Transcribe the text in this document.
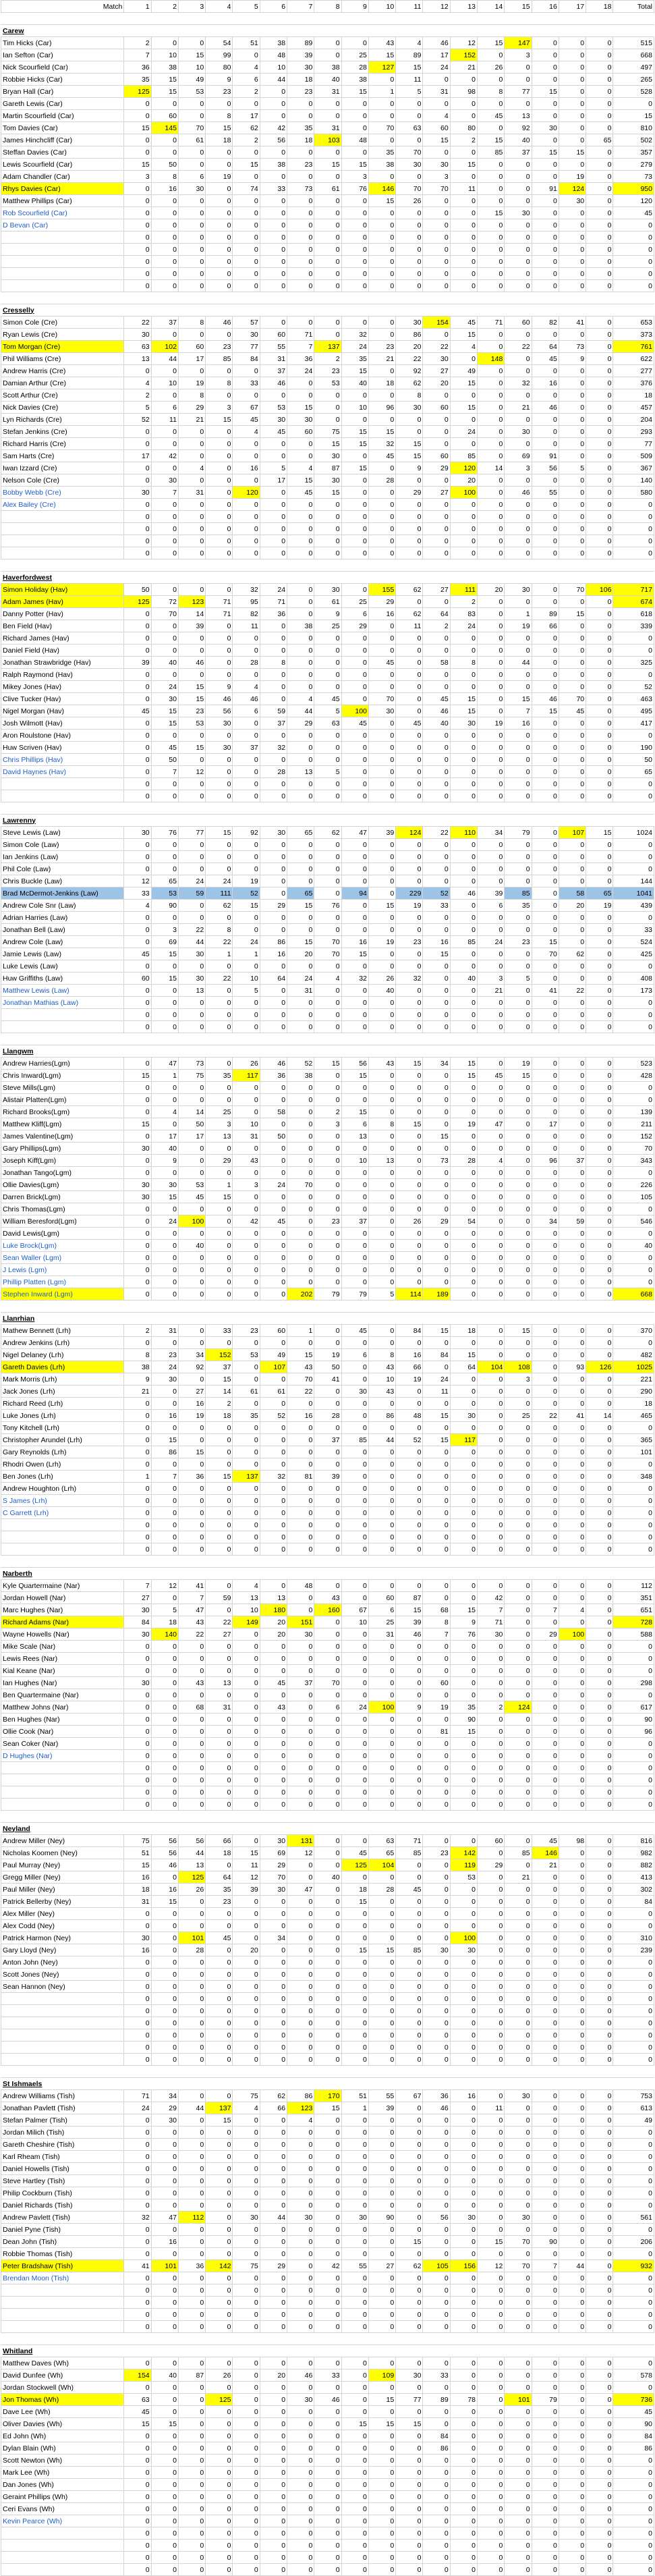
Match	1	2	3	4	5	6	7	8	9	10	11	12	13	14	15	16	17	18	Total

Carew																			
Tim Hicks (Car)	2	0	0	54	51	38	89	0	0	43	4	46	12	15	147	0	0	0	515
Ian Sefton (Car)	7	10	15	99	0	48	39	0	25	15	89	17	152	0	3	0	0	0	668
Nick Scourfield (Car)	36	38	10	80	4	10	30	38	28	127	15	24	21	26	0	0	0	0	497
Robbie Hicks (Car)	35	15	49	9	6	44	18	40	38	0	11	0	0	0	0	0	0	0	265
Bryan Hall (Car)	125	15	53	23	2	0	23	31	15	1	5	31	98	8	77	15	0	0	528
Gareth Lewis (Car)	0	0	0	0	0	0	0	0	0	0	0	0	0	0	0	0	0	0	0
Martin Scourfield (Car)	0	60	0	8	17	0	0	0	0	0	0	4	0	45	13	0	0	0	15
Tom Davies (Car)	15	145	70	15	62	42	35	31	0	70	63	60	80	0	92	30	0	0	810
James Hinchcliff (Car)	0	0	61	18	2	56	18	103	48	0	0	15	2	15	40	0	0	65	502
Steffan Davies (Car)	0	0	0	0	0	0	0	0	0	35	70	0	0	85	37	15	15	0	357
Lewis Scourfield (Car)	15	50	0	0	15	38	23	15	15	38	30	30	15	0	0	0	0	0	279
Adam Chandler (Car)	3	8	6	19	0	0	0	0	3	0	0	3	0	0	0	0	19	0	73
Rhys Davies (Car)	0	16	30	0	74	33	73	61	76	146	70	70	11	0	0	91	124	0	950
Matthew Phillips (Car)	0	0	0	0	0	0	0	0	0	15	26	0	0	0	0	0	30	0	120
Rob Scourfield (Car)	0	0	0	0	0	0	0	0	0	0	0	0	0	15	30	0	0	0	45
D Bevan (Car)	0	0	0	0	0	0	0	0	0	0	0	0	0	0	0	0	0	0	0
	0	0	0	0	0	0	0	0	0	0	0	0	0	0	0	0	0	0	0
	0	0	0	0	0	0	0	0	0	0	0	0	0	0	0	0	0	0	0
	0	0	0	0	0	0	0	0	0	0	0	0	0	0	0	0	0	0	0
	0	0	0	0	0	0	0	0	0	0	0	0	0	0	0	0	0	0	0
	0	0	0	0	0	0	0	0	0	0	0	0	0	0	0	0	0	0	0

Cresselly																			
Simon Cole (Cre)	22	37	8	46	57	0	0	0	0	0	30	154	45	71	60	82	41	0	653
Ryan Lewis (Cre)	30	0	0	0	30	60	71	0	32	0	86	0	15	0	0	0	0	0	373
Tom Morgan (Cre)	63	102	60	23	77	55	7	137	24	23	20	22	4	0	22	64	73	0	761
Phil Williams (Cre)	13	44	17	85	84	31	36	2	35	21	22	30	0	148	0	45	9	0	622
Andrew Harris (Cre)	0	0	0	0	0	37	24	23	15	0	92	27	49	0	0	0	0	0	277
Damian Arthur (Cre)	4	10	19	8	33	46	0	53	40	18	62	20	15	0	32	16	0	0	376
Scott Arthur (Cre)	2	0	8	0	0	0	0	0	0	0	8	0	0	0	0	0	0	0	18
Nick Davies (Cre)	5	6	29	3	67	53	15	0	10	96	30	60	15	0	21	46	0	0	457
Lyn Richards (Cre)	52	11	21	15	45	30	30	0	0	0	0	0	0	0	0	0	0	0	204
Stefan Jenkins (Cre)	0	0	0	0	4	45	60	75	15	15	0	0	24	0	30	0	0	0	293
Richard Harris (Cre)	0	0	0	0	0	0	0	15	15	32	15	0	0	0	0	0	0	0	77
Sam Harts (Cre)	17	42	0	0	0	0	0	30	0	45	15	60	85	0	69	91	0	0	509
Iwan Izzard (Cre)	0	0	4	0	16	5	4	87	15	0	9	29	120	14	3	56	5	0	367
Nelson Cole (Cre)	0	30	0	0	0	17	15	30	0	28	0	0	20	0	0	0	0	0	140
Bobby Webb (Cre)	30	7	31	0	120	0	45	15	0	0	29	27	100	0	46	55	0	0	580
Alex Bailey (Cre)	0	0	0	0	0	0	0	0	0	0	0	0	0	0	0	0	0	0	0
	0	0	0	0	0	0	0	0	0	0	0	0	0	0	0	0	0	0	0
	0	0	0	0	0	0	0	0	0	0	0	0	0	0	0	0	0	0	0
	0	0	0	0	0	0	0	0	0	0	0	0	0	0	0	0	0	0	0
	0	0	0	0	0	0	0	0	0	0	0	0	0	0	0	0	0	0	0

Haverfordwest																			
Simon Holiday (Hav)	50	0	0	0	32	24	0	30	0	155	62	27	111	20	30	0	70	106	717
Adam James (Hav)	125	72	123	71	95	71	0	61	25	29	0	0	2	0	0	0	0	0	674
Danny Potter (Hav)	0	70	14	71	82	36	0	9	6	16	62	64	83	0	1	89	15	0	618
Ben Field (Hav)	0	0	39	0	11	0	38	25	29	0	11	2	24	0	19	66	0	0	339
Richard James (Hav)	0	0	0	0	0	0	0	0	0	0	0	0	0	0	0	0	0	0	0
Daniel Field (Hav)	0	0	0	0	0	0	0	0	0	0	0	0	0	0	0	0	0	0	0
Jonathan Strawbridge (Hav)	39	40	46	0	28	8	0	0	0	45	0	58	8	0	44	0	0	0	325
Ralph Raymond (Hav)	0	0	0	0	0	0	0	0	0	0	0	0	0	0	0	0	0	0	0
Mikey Jones (Hav)	0	24	15	9	4	0	0	0	0	0	0	0	0	0	0	0	0	0	52
Clive Tucker (Hav)	0	30	15	46	46	0	4	45	0	70	0	45	15	0	15	46	70	0	463
Nigel Morgan (Hav)	45	15	23	56	6	59	44	5	100	30	0	46	15	0	7	15	45	0	495
Josh Wilmott (Hav)	0	15	53	30	0	37	29	63	45	0	45	40	30	19	16	0	0	0	417
Aron Roulstone (Hav)	0	0	0	0	0	0	0	0	0	0	0	0	0	0	0	0	0	0	0
Huw Scriven (Hav)	0	45	15	30	37	32	0	0	0	0	0	0	0	0	0	0	0	0	190
Chris Phillips (Hav)	0	50	0	0	0	0	0	0	0	0	0	0	0	0	0	0	0	0	50
David Haynes (Hav)	0	7	12	0	0	28	13	5	0	0	0	0	0	0	0	0	0	0	65
	0	0	0	0	0	0	0	0	0	0	0	0	0	0	0	0	0	0	0
	0	0	0	0	0	0	0	0	0	0	0	0	0	0	0	0	0	0	0

Lawrenny																			
Steve Lewis (Law)	30	76	77	15	92	30	65	62	47	39	124	22	110	34	79	0	107	15	1024
Simon Cole (Law)	0	0	0	0	0	0	0	0	0	0	0	0	0	0	0	0	0	0	0
Ian Jenkins (Law)	0	0	0	0	0	0	0	0	0	0	0	0	0	0	0	0	0	0	0
Phil Cole (Law)	0	0	0	0	0	0	0	0	0	0	0	0	0	0	0	0	0	0	0
Chris Buckle (Law)	12	65	24	24	19	0	0	0	0	0	0	0	0	0	0	0	0	0	144
Brad McDermot-Jenkins (Law)	33	53	59	111	52	0	65	0	94	0	229	52	46	39	85	0	58	65	1041
Andrew Cole Snr (Law)	4	90	0	62	15	29	15	76	0	15	19	33	0	6	35	0	20	19	439
Adrian Harries (Law)	0	0	0	0	0	0	0	0	0	0	0	0	0	0	0	0	0	0	0
Jonathan Bell (Law)	0	3	22	8	0	0	0	0	0	0	0	0	0	0	0	0	0	0	33
Andrew Cole (Law)	0	69	44	22	24	86	15	70	16	19	23	16	85	24	23	15	0	0	524
Jamie Lewis (Law)	45	15	30	1	1	16	20	70	15	0	0	15	0	0	0	70	62	0	425
Luke Lewis (Law)	0	0	0	0	0	0	0	0	0	0	0	0	0	0	0	0	0	0	0
Huw Griffiths (Law)	60	15	30	22	10	64	24	4	32	26	32	0	40	3	5	0	0	0	408
Matthew Lewis (Law)	0	0	13	0	5	0	31	0	0	40	0	0	0	21	0	41	22	0	173
Jonathan Mathias (Law)	0	0	0	0	0	0	0	0	0	0	0	0	0	0	0	0	0	0	0
	0	0	0	0	0	0	0	0	0	0	0	0	0	0	0	0	0	0	0
	0	0	0	0	0	0	0	0	0	0	0	0	0	0	0	0	0	0	0

Llangwm																			
Andrew Harries(Lgm)	0	47	73	0	26	46	52	15	56	43	15	34	15	0	19	0	0	0	523
Chris Inward(Lgm)	15	1	75	35	117	36	38	0	15	0	0	0	15	45	15	0	0	0	428
Steve Mills(Lgm)	0	0	0	0	0	0	0	0	0	0	0	0	0	0	0	0	0	0	0
Alistair Platten(Lgm)	0	0	0	0	0	0	0	0	0	0	0	0	0	0	0	0	0	0	0
Richard Brooks(Lgm)	0	4	14	25	0	58	0	2	15	0	0	0	0	0	0	0	0	0	139
Matthew Kliff(Lgm)	15	0	50	3	10	0	0	3	6	8	15	0	19	47	0	17	0	0	211
James Valentine(Lgm)	0	17	17	13	31	50	0	0	13	0	0	15	0	0	0	0	0	0	152
Gary Phillips(Lgm)	30	40	0	0	0	0	0	0	0	0	0	0	0	0	0	0	0	0	70
Joseph Kiff(Lgm)	0	9	0	29	43	0	0	0	10	13	0	73	28	4	0	96	37	0	343
Jonathan Tango(Lgm)	0	0	0	0	0	0	0	0	0	0	0	0	0	0	0	0	0	0	0
Ollie Davies(Lgm)	30	30	53	1	3	24	70	0	0	0	0	0	0	0	0	0	0	0	226
Darren Brick(Lgm)	30	15	45	15	0	0	0	0	0	0	0	0	0	0	0	0	0	0	105
Chris Thomas(Lgm)	0	0	0	0	0	0	0	0	0	0	0	0	0	0	0	0	0	0	0
William Beresford(Lgm)	0	24	100	0	42	45	0	23	37	0	26	29	54	0	0	34	59	0	546
David Lewis(Lgm)	0	0	0	0	0	0	0	0	0	0	0	0	0	0	0	0	0	0	0
Luke Brock(Lgm)	0	0	40	0	0	0	0	0	0	0	0	0	0	0	0	0	0	0	40
Sean Waller (Lgm)	0	0	0	0	0	0	0	0	0	0	0	0	0	0	0	0	0	0	0
J Lewis (Lgm)	0	0	0	0	0	0	0	0	0	0	0	0	0	0	0	0	0	0	0
Phillip Platten (Lgm)	0	0	0	0	0	0	0	0	0	0	0	0	0	0	0	0	0	0	0
Stephen Inward (Lgm)	0	0	0	0	0	0	202	79	79	5	114	189	0	0	0	0	0	0	668

Llanrhian																			
Mathew Bennett (Lrh)	2	31	0	33	23	60	1	0	45	0	84	15	18	0	15	0	0	0	370
Andrew Jenkins (Lrh)	0	0	0	0	0	0	0	0	0	0	0	0	0	0	0	0	0	0	0
Nigel Delaney (Lrh)	8	23	34	152	53	49	15	19	6	8	16	84	15	0	0	0	0	0	482
Gareth Davies (Lrh)	38	24	92	37	0	107	43	50	0	43	66	0	64	104	108	0	93	126	1025
Mark Morris (Lrh)	9	30	0	15	0	0	70	41	0	10	19	24	0	0	3	0	0	0	221
Jack Jones (Lrh)	21	0	27	14	61	61	22	0	30	43	0	11	0	0	0	0	0	0	290
Richard Reed (Lrh)	0	0	16	2	0	0	0	0	0	0	0	0	0	0	0	0	0	0	18
Luke Jones (Lrh)	0	16	19	18	35	52	16	28	0	86	48	15	30	0	25	22	41	14	465
Tony Kitchell (Lrh)	0	0	0	0	0	0	0	0	0	0	0	0	0	0	0	0	0	0	0
Christopher Arundel (Lrh)	0	15	0	0	0	0	0	37	85	44	52	15	117	0	0	0	0	0	365
Gary Reynolds (Lrh)	0	86	15	0	0	0	0	0	0	0	0	0	0	0	0	0	0	0	101
Rhodri Owen (Lrh)	0	0	0	0	0	0	0	0	0	0	0	0	0	0	0	0	0	0	0
Ben Jones (Lrh)	1	7	36	15	137	32	81	39	0	0	0	0	0	0	0	0	0	0	348
Andrew Houghton (Lrh)	0	0	0	0	0	0	0	0	0	0	0	0	0	0	0	0	0	0	0
S James (Lrh)	0	0	0	0	0	0	0	0	0	0	0	0	0	0	0	0	0	0	0
C Garrett (Lrh)	0	0	0	0	0	0	0	0	0	0	0	0	0	0	0	0	0	0	0
	0	0	0	0	0	0	0	0	0	0	0	0	0	0	0	0	0	0	0
	0	0	0	0	0	0	0	0	0	0	0	0	0	0	0	0	0	0	0
	0	0	0	0	0	0	0	0	0	0	0	0	0	0	0	0	0	0	0

Narberth																			
Kyle Quartermaine (Nar)	7	12	41	0	4	0	48	0	0	0	0	0	0	0	0	0	0	0	112
Jordan Howell (Nar)	27	0	7	59	13	13	0	43	0	60	87	0	0	42	0	0	0	0	351
Marc Hughes (Nar)	30	5	47	0	10	180	0	160	67	6	15	68	15	7	0	7	4	0	651
Richard Adams (Nar)	84	18	43	22	149	20	151	0	10	25	39	8	9	71	0	0	0	0	728
Wayne Howells (Nar)	30	140	22	27	0	20	30	0	0	31	46	7	76	30	0	29	100	0	588
Mike Scale (Nar)	0	0	0	0	0	0	0	0	0	0	0	0	0	0	0	0	0	0	0
Lewis Rees (Nar)	0	0	0	0	0	0	0	0	0	0	0	0	0	0	0	0	0	0	0
Kial Keane (Nar)	0	0	0	0	0	0	0	0	0	0	0	0	0	0	0	0	0	0	0
Ian Hughes (Nar)	30	0	43	13	0	45	37	70	0	0	0	60	0	0	0	0	0	0	298
Ben Quartermaine (Nar)	0	0	0	0	0	0	0	0	0	0	0	0	0	0	0	0	0	0	0
Matthew Johns (Nar)	0	0	68	31	0	43	0	6	24	100	9	19	35	2	124	0	0	0	617
Ben Hughes (Nar)	0	0	0	0	0	0	0	0	0	0	0	0	90	0	0	0	0	0	90
Ollie Cook (Nar)	0	0	0	0	0	0	0	0	0	0	0	81	15	0	0	0	0	0	96
Sean Coker (Nar)	0	0	0	0	0	0	0	0	0	0	0	0	0	0	0	0	0	0	0
D Hughes (Nar)	0	0	0	0	0	0	0	0	0	0	0	0	0	0	0	0	0	0	0
	0	0	0	0	0	0	0	0	0	0	0	0	0	0	0	0	0	0	0
	0	0	0	0	0	0	0	0	0	0	0	0	0	0	0	0	0	0	0
	0	0	0	0	0	0	0	0	0	0	0	0	0	0	0	0	0	0	0
	0	0	0	0	0	0	0	0	0	0	0	0	0	0	0	0	0	0	0

Neyland																			
Andrew Miller (Ney)	75	56	56	66	0	30	131	0	0	63	71	0	0	60	0	45	98	0	816
Nicholas Koomen (Ney)	51	56	44	18	15	69	12	0	45	65	85	23	142	0	85	146	0	0	982
Paul Murray (Ney)	15	46	13	0	11	29	0	0	125	104	0	0	119	29	0	21	0	0	882
Gregg Miller (Ney)	16	0	125	64	12	70	0	40	0	0	0	0	53	0	21	0	0	0	413
Paul Miller (Ney)	18	16	26	35	39	30	47	0	18	28	45	0	0	0	0	0	0	0	302
Patrick Bellerby (Ney)	31	15	0	23	0	0	0	0	15	0	0	0	0	0	0	0	0	0	84
Alex Miller (Ney)	0	0	0	0	0	0	0	0	0	0	0	0	0	0	0	0	0	0	0
Alex Codd (Ney)	0	0	0	0	0	0	0	0	0	0	0	0	0	0	0	0	0	0	0
Patrick Harmon (Ney)	30	0	101	45	0	34	0	0	0	0	0	0	100	0	0	0	0	0	310
Gary Lloyd (Ney)	16	0	28	0	20	0	0	0	15	15	85	30	30	0	0	0	0	0	239
Anton John (Ney)	0	0	0	0	0	0	0	0	0	0	0	0	0	0	0	0	0	0	0
Scott Jones (Ney)	0	0	0	0	0	0	0	0	0	0	0	0	0	0	0	0	0	0	0
Sean Hannon (Ney)	0	0	0	0	0	0	0	0	0	0	0	0	0	0	0	0	0	0	0
	0	0	0	0	0	0	0	0	0	0	0	0	0	0	0	0	0	0	0
	0	0	0	0	0	0	0	0	0	0	0	0	0	0	0	0	0	0	0
	0	0	0	0	0	0	0	0	0	0	0	0	0	0	0	0	0	0	0
	0	0	0	0	0	0	0	0	0	0	0	0	0	0	0	0	0	0	0
	0	0	0	0	0	0	0	0	0	0	0	0	0	0	0	0	0	0	0
	0	0	0	0	0	0	0	0	0	0	0	0	0	0	0	0	0	0	0

St Ishmaels																			
Andrew Williams (Tish)	71	34	0	0	75	62	86	170	51	55	67	36	16	0	30	0	0	0	753
Jonathan Pavlett (Tish)	24	29	44	137	4	66	123	15	1	39	0	46	0	11	0	0	0	0	613
Stefan Palmer (Tish)	0	30	0	15	0	0	4	0	0	0	0	0	0	0	0	0	0	0	49
Jordan Milich (Tish)	0	0	0	0	0	0	0	0	0	0	0	0	0	0	0	0	0	0	0
Gareth Cheshire (Tish)	0	0	0	0	0	0	0	0	0	0	0	0	0	0	0	0	0	0	0
Karl Rheam (Tish)	0	0	0	0	0	0	0	0	0	0	0	0	0	0	0	0	0	0	0
Daniel Howells (Tish)	0	0	0	0	0	0	0	0	0	0	0	0	0	0	0	0	0	0	0
Steve Hartley (Tish)	0	0	0	0	0	0	0	0	0	0	0	0	0	0	0	0	0	0	0
Philip Cockburn (Tish)	0	0	0	0	0	0	0	0	0	0	0	0	0	0	0	0	0	0	0
Daniel Richards (Tish)	0	0	0	0	0	0	0	0	0	0	0	0	0	0	0	0	0	0	0
Andrew Pavlett (Tish)	32	47	112	0	30	44	30	0	30	90	0	56	30	0	30	0	0	0	561
Daniel Pyne (Tish)	0	0	0	0	0	0	0	0	0	0	0	0	0	0	0	0	0	0	0
Dean John (Tish)	0	16	0	0	0	0	0	0	0	0	15	0	0	15	70	90	0	0	206
Robbie Thomas (Tish)	0	0	0	0	0	0	0	0	0	0	0	0	0	0	0	0	0	0	0
Peter Bradshaw (Tish)	41	101	36	142	75	29	0	42	55	27	62	105	156	12	70	7	44	0	932
Brendan Moon (Tish)	0	0	0	0	0	0	0	0	0	0	0	0	0	0	0	0	0	0	0
	0	0	0	0	0	0	0	0	0	0	0	0	0	0	0	0	0	0	0
	0	0	0	0	0	0	0	0	0	0	0	0	0	0	0	0	0	0	0
	0	0	0	0	0	0	0	0	0	0	0	0	0	0	0	0	0	0	0
	0	0	0	0	0	0	0	0	0	0	0	0	0	0	0	0	0	0	0

Whitland																			
Matthew Daves (Wh)	0	0	0	0	0	0	0	0	0	0	0	0	0	0	0	0	0	0	0
David Dunfee (Wh)	154	40	87	26	0	20	46	33	0	109	30	33	0	0	0	0	0	0	578
Jordan Stockwell (Wh)	0	0	0	0	0	0	0	0	0	0	0	0	0	0	0	0	0	0	0
Jon Thomas (Wh)	63	0	0	125	0	0	30	46	0	15	77	89	78	0	101	79	0	0	736
Dave Lee (Wh)	45	0	0	0	0	0	0	0	0	0	0	0	0	0	0	0	0	0	45
Oliver Davies (Wh)	15	15	0	0	0	0	0	0	15	15	15	0	0	0	0	0	0	0	90
Ed John (Wh)	0	0	0	0	0	0	0	0	0	0	0	84	0	0	0	0	0	0	84
Dylan Blain (Wh)	0	0	0	0	0	0	0	0	0	0	0	86	0	0	0	0	0	0	86
Scott Newton (Wh)	0	0	0	0	0	0	0	0	0	0	0	0	0	0	0	0	0	0	0
Mark Lee (Wh)	0	0	0	0	0	0	0	0	0	0	0	0	0	0	0	0	0	0	0
Dan Jones (Wh)	0	0	0	0	0	0	0	0	0	0	0	0	0	0	0	0	0	0	0
Geraint Phillips (Wh)	0	0	0	0	0	0	0	0	0	0	0	0	0	0	0	0	0	0	0
Ceri Evans (Wh)	0	0	0	0	0	0	0	0	0	0	0	0	0	0	0	0	0	0	0
Kevin Pearce (Wh)	0	0	0	0	0	0	0	0	0	0	0	0	0	0	0	0	0	0	0
	0	0	0	0	0	0	0	0	0	0	0	0	0	0	0	0	0	0	0
	0	0	0	0	0	0	0	0	0	0	0	0	0	0	0	0	0	0	0
	0	0	0	0	0	0	0	0	0	0	0	0	0	0	0	0	0	0	0
	0	0	0	0	0	0	0	0	0	0	0	0	0	0	0	0	0	0	0
